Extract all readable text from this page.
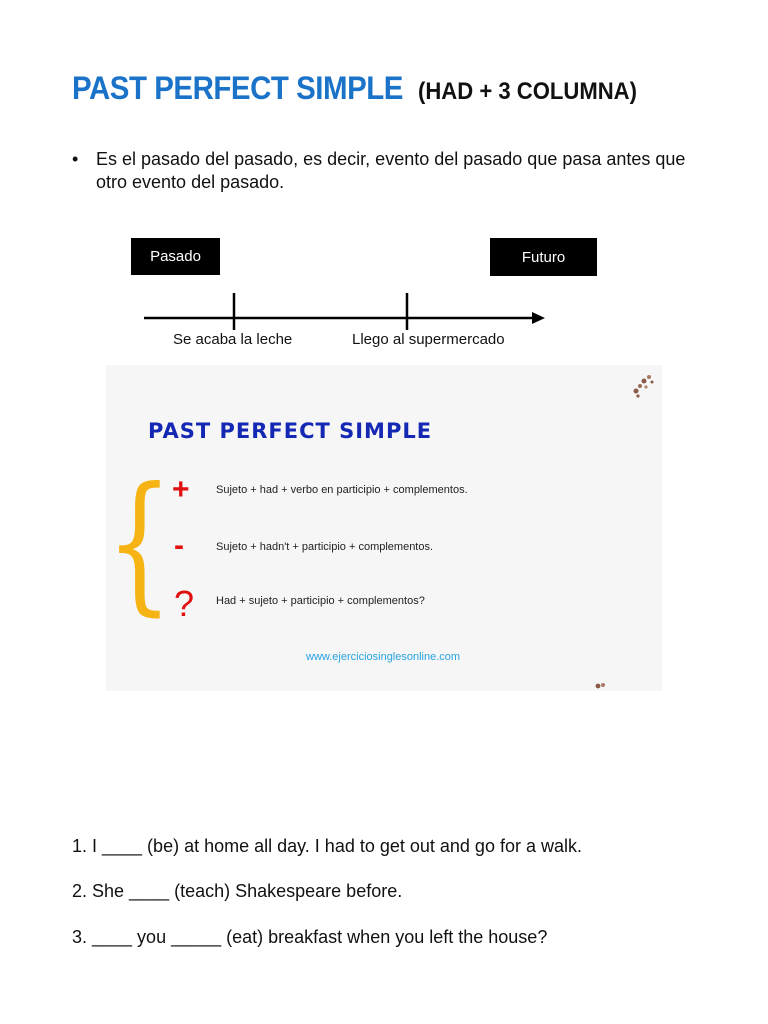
PAST PERFECT SIMPLE (HAD + 3 COLUMNA)
• Es el pasado del pasado, es decir, evento del pasado que pasa antes que otro evento del pasado.
Pasado	Futuro
Se acaba la leche	Llego al supermercado
PAST PERFECT SIMPLE
{ + Sujeto + had + verbo en participio + complementos.
-	Sujeto + hadn't + participio + complementos.
? Had + sujeto + participio + complementos?
www.ejerciciosinglesonline.com
1. I ____ (be) at home all day. I had to get out and go for a walk.
2. She ____ (teach) Shakespeare before.
3. ____ you _____ (eat) breakfast when you left the house?
